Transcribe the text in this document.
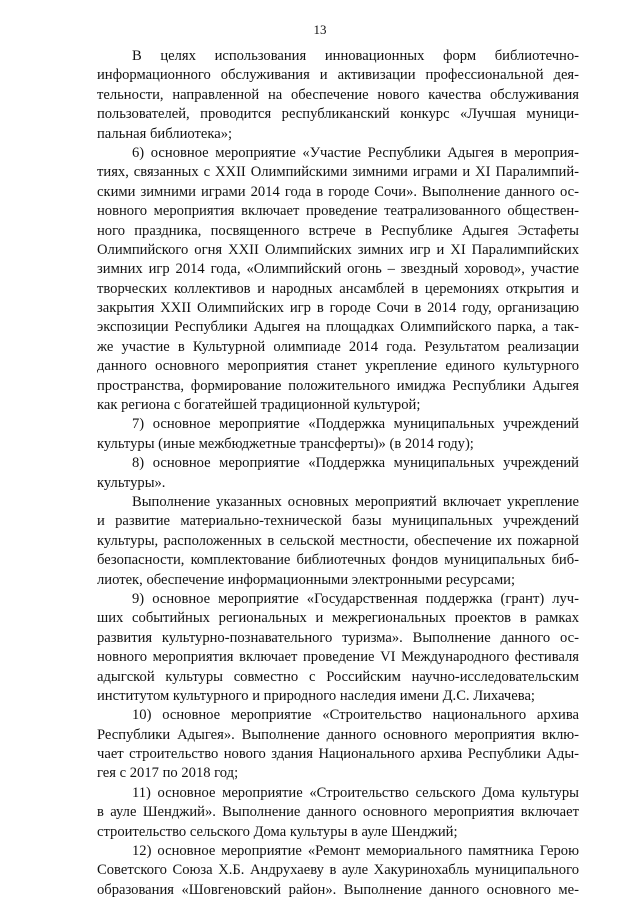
13
В целях использования инновационных форм библиотечно-
информационного обслуживания и активизации профессиональной дея-
тельности, направленной на обеспечение нового качества обслуживания
пользователей, проводится республиканский конкурс «Лучшая муници-
пальная библиотека»;
6) основное мероприятие «Участие Республики Адыгея в мероприя-
тиях, связанных с XXII Олимпийскими зимними играми и XI Паралимпий-
скими зимними играми 2014 года в городе Сочи». Выполнение данного ос-
новного мероприятия включает проведение театрализованного обществен-
ного праздника, посвященного встрече в Республике Адыгея Эстафеты
Олимпийского огня XXII Олимпийских зимних игр и XI Паралимпийских
зимних игр 2014 года, «Олимпийский огонь – звездный хоровод», участие
творческих коллективов и народных ансамблей в церемониях открытия и
закрытия XXII Олимпийских игр в городе Сочи в 2014 году, организацию
экспозиции Республики Адыгея на площадках Олимпийского парка, а так-
же участие в Культурной олимпиаде 2014 года. Результатом реализации
данного основного мероприятия станет укрепление единого культурного
пространства, формирование положительного имиджа Республики Адыгея
как региона с богатейшей традиционной культурой;
7) основное мероприятие «Поддержка муниципальных учреждений
культуры (иные межбюджетные трансферты)» (в 2014 году);
8) основное мероприятие «Поддержка муниципальных учреждений
культуры».
Выполнение указанных основных мероприятий включает укрепление
и развитие материально-технической базы муниципальных учреждений
культуры, расположенных в сельской местности, обеспечение их пожарной
безопасности, комплектование библиотечных фондов муниципальных биб-
лиотек, обеспечение информационными электронными ресурсами;
9) основное мероприятие «Государственная поддержка (грант) луч-
ших событийных региональных и межрегиональных проектов в рамках
развития культурно-познавательного туризма». Выполнение данного ос-
новного мероприятия включает проведение VI Международного фестиваля
адыгской культуры совместно с Российским научно-исследовательским
институтом культурного и природного наследия имени Д.С. Лихачева;
10) основное мероприятие «Строительство национального архива
Республики Адыгея». Выполнение данного основного мероприятия вклю-
чает строительство нового здания Национального архива Республики Ады-
гея с 2017 по 2018 год;
11) основное мероприятие «Строительство сельского Дома культуры
в ауле Шенджий». Выполнение данного основного мероприятия включает
строительство сельского Дома культуры в ауле Шенджий;
12) основное мероприятие «Ремонт мемориального памятника Герою
Советского Союза Х.Б. Андрухаеву в ауле Хакуринохабль муниципального
образования «Шовгеновский район». Выполнение данного основного ме-
